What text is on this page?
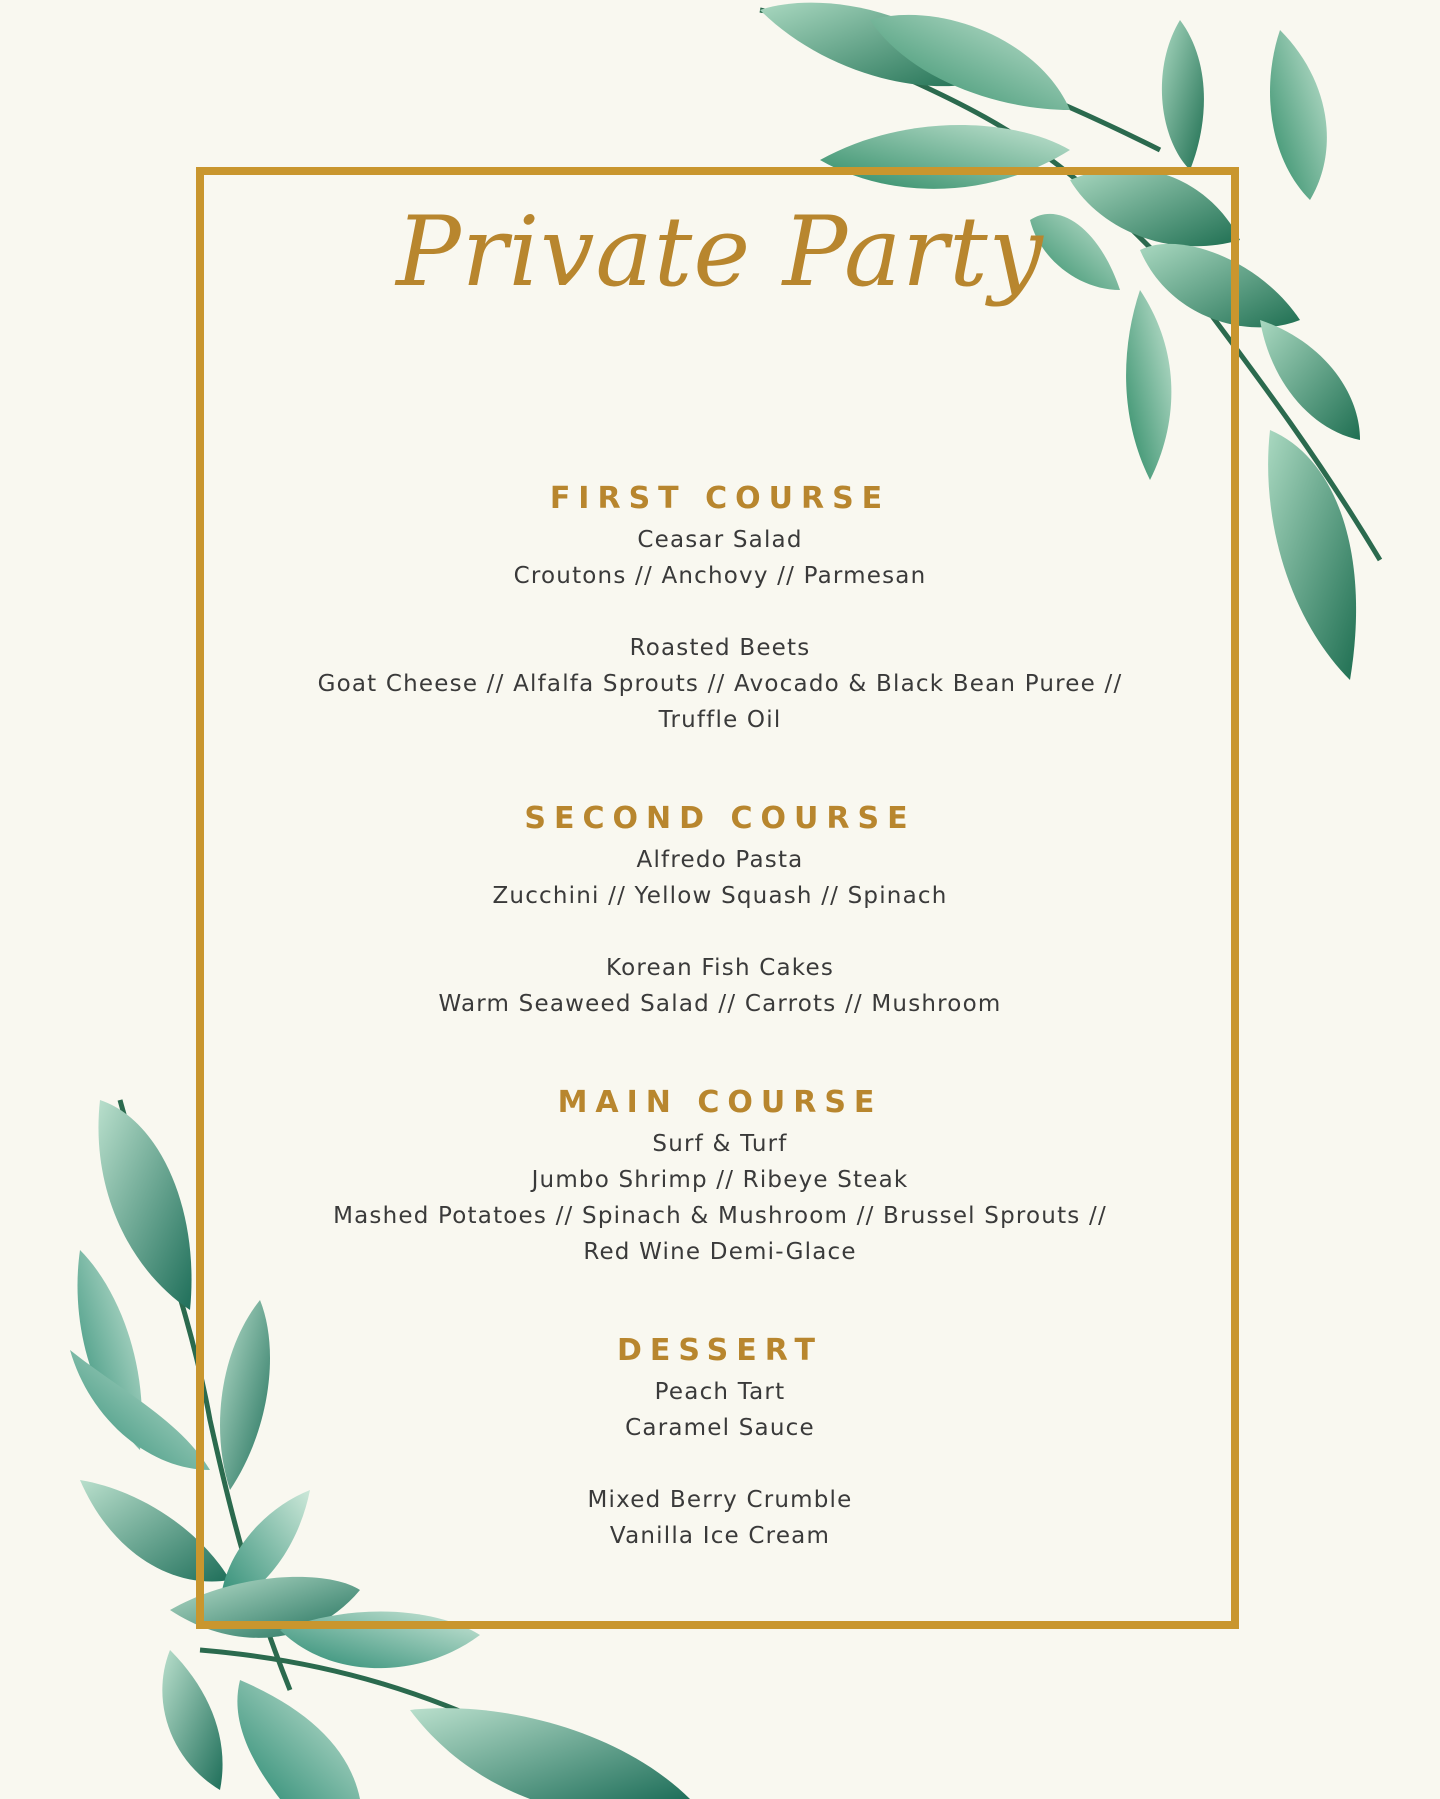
Private Party
FIRST COURSE
Ceasar Salad
Croutons // Anchovy // Parmesan
Roasted Beets
Goat Cheese // Alfalfa Sprouts // Avocado & Black Bean Puree //
Truffle Oil
SECOND COURSE
Alfredo Pasta
Zucchini // Yellow Squash // Spinach
Korean Fish Cakes
Warm Seaweed Salad // Carrots // Mushroom
MAIN COURSE
Surf & Turf
Jumbo Shrimp // Ribeye Steak
Mashed Potatoes // Spinach & Mushroom // Brussel Sprouts //
Red Wine Demi-Glace
DESSERT
Peach Tart
Caramel Sauce
Mixed Berry Crumble
Vanilla Ice Cream
